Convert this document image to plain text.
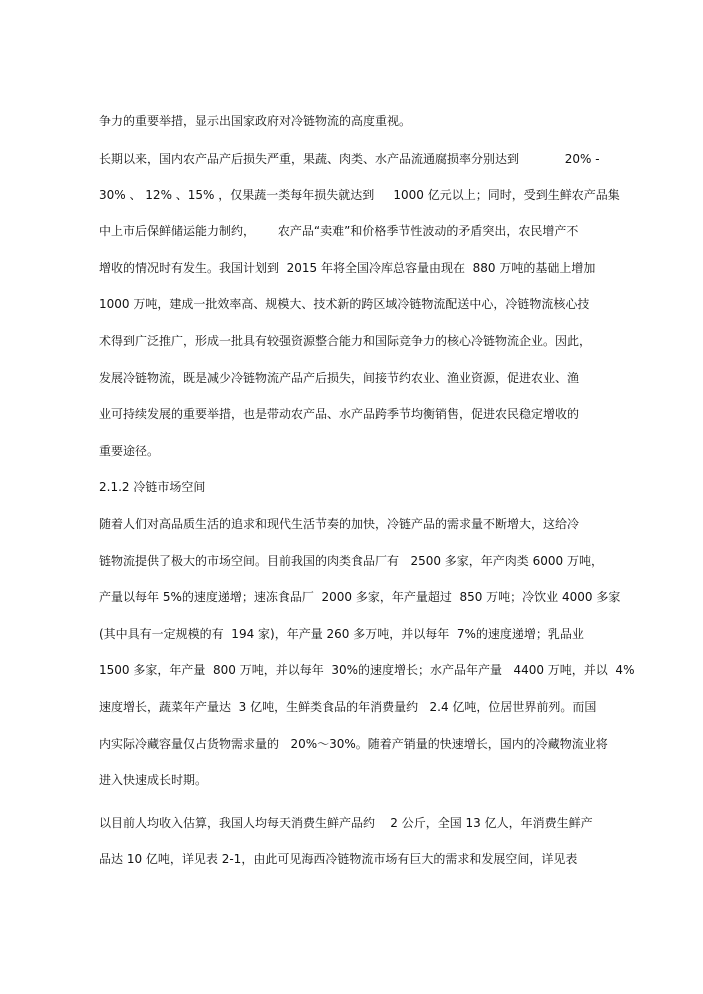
争力的重要举措，显示出国家政府对冷链物流的高度重视。
长期以来，国内农产品产后损失严重，果蔬、肉类、水产品流通腐损率分别达到            20% -
30% 、 12% 、15% ，仅果蔬一类每年损失就达到     1000 亿元以上；同时，受到生鲜农产品集
中上市后保鲜储运能力制约，      农产品“卖难”和价格季节性波动的矛盾突出，农民增产不
增收的情况时有发生。我国计划到  2015 年将全国冷库总容量由现在  880 万吨的基础上增加
1000 万吨，建成一批效率高、规模大、技术新的跨区域冷链物流配送中心，冷链物流核心技
术得到广泛推广，形成一批具有较强资源整合能力和国际竞争力的核心冷链物流企业。因此，
发展冷链物流，既是减少冷链物流产品产后损失，间接节约农业、渔业资源，促进农业、渔
业可持续发展的重要举措，也是带动农产品、水产品跨季节均衡销售，促进农民稳定增收的
重要途径。
2.1.2 冷链市场空间
随着人们对高品质生活的追求和现代生活节奏的加快，冷链产品的需求量不断增大，这给冷
链物流提供了极大的市场空间。目前我国的肉类食品厂有   2500 多家，年产肉类 6000 万吨，
产量以每年 5%的速度递增；速冻食品厂  2000 多家，年产量超过  850 万吨；冷饮业 4000 多家
(其中具有一定规模的有  194 家)，年产量 260 多万吨，并以每年  7%的速度递增；乳品业
1500 多家，年产量  800 万吨，并以每年  30%的速度增长；水产品年产量   4400 万吨，并以  4%
速度增长，蔬菜年产量达  3 亿吨，生鲜类食品的年消费量约   2.4 亿吨，位居世界前列。而国
内实际冷藏容量仅占货物需求量的   20%～30%。随着产销量的快速增长，国内的冷藏物流业将
进入快速成长时期。
以目前人均收入估算，我国人均每天消费生鲜产品约    2 公斤，全国 13 亿人，年消费生鲜产
品达 10 亿吨，详见表 2-1，由此可见海西冷链物流市场有巨大的需求和发展空间，详见表
